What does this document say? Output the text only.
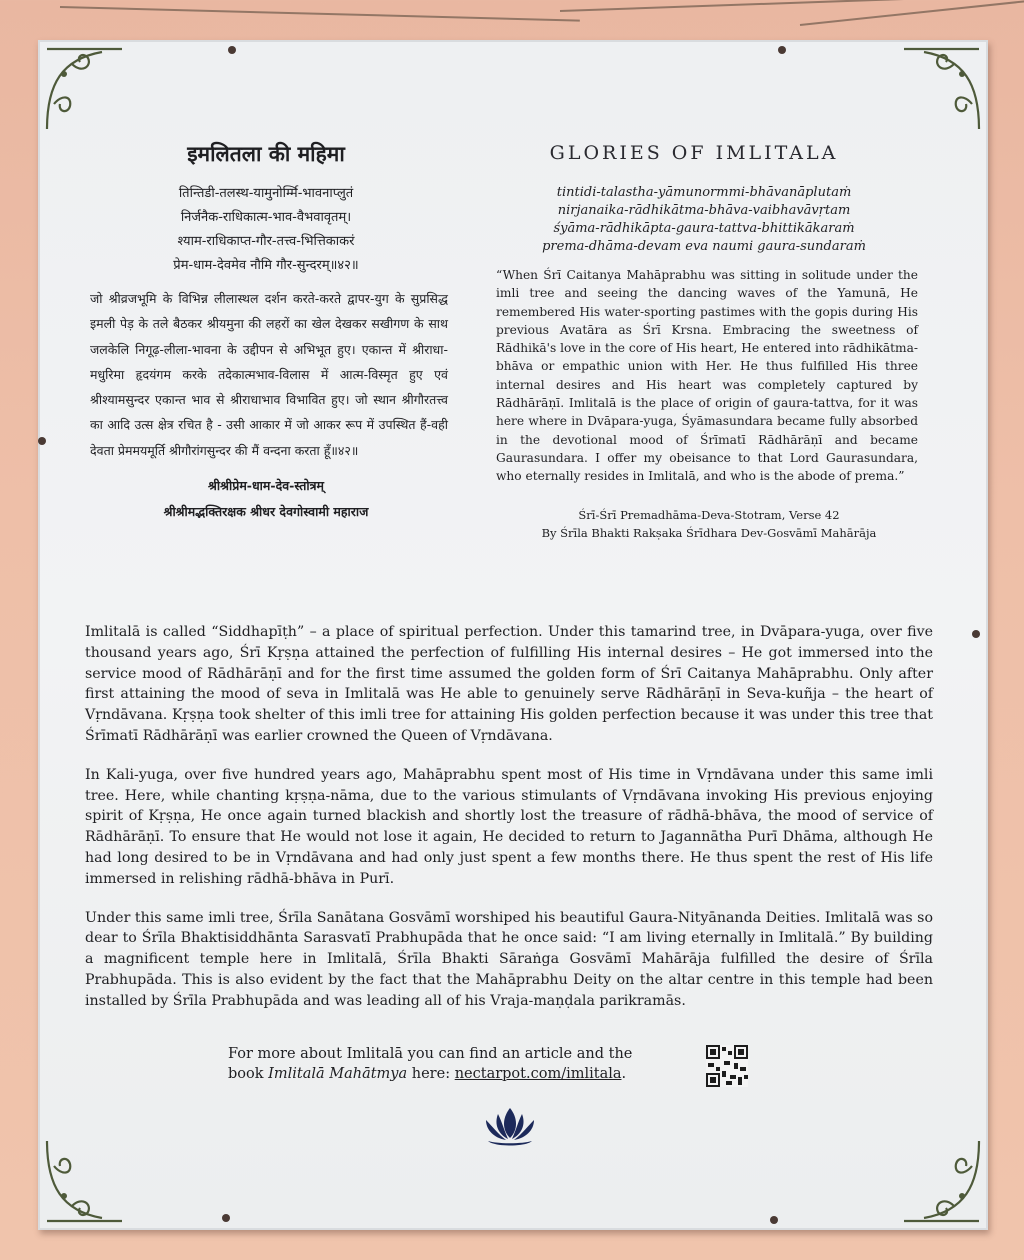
इमलितला की महिमा
तिन्तिडी-तलस्थ-यामुनोर्म्मि-भावनाप्लुतं
निर्जनैक-राधिकात्म-भाव-वैभवावृतम्।
श्याम-राधिकाप्त-गौर-तत्त्व-भित्तिकाकरं
प्रेम-धाम-देवमेव नौमि गौर-सुन्दरम्॥४२॥
जो श्रीव्रजभूमि के विभिन्न लीलास्थल दर्शन करते-करते द्वापर-युग के सुप्रसिद्ध इमली पेड़ के तले बैठकर श्रीयमुना की लहरों का खेल देखकर सखीगण के साथ जलकेलि निगूढ़-लीला-भावना के उद्दीपन से अभिभूत हुए। एकान्त में श्रीराधा-मधुरिमा हृदयंगम करके तदेकात्मभाव-विलास में आत्म-विस्मृत हुए एवं श्रीश्यामसुन्दर एकान्त भाव से श्रीराधाभाव विभावित हुए। जो स्थान श्रीगौरतत्त्व का आदि उत्स क्षेत्र रचित है - उसी आकार में जो आकर रूप में उपस्थित हैं-वही देवता प्रेममयमूर्ति श्रीगौरांगसुन्दर की मैं वन्दना करता हूँ॥४२॥
श्रीश्रीप्रेम-धाम-देव-स्तोत्रम्
श्रीश्रीमद्भक्तिरक्षक श्रीधर देवगोस्वामी महाराज
GLORIES OF IMLITALA
tintidi-talastha-yāmunormmi-bhāvanāplutaṁ
nirjanaika-rādhikātma-bhāva-vaibhavāvṛtam
śyāma-rādhikāpta-gaura-tattva-bhittikākaraṁ
prema-dhāma-devam eva naumi gaura-sundaraṁ
“When Śrī Caitanya Mahāprabhu was sitting in solitude under the imli tree and seeing the dancing waves of the Yamunā, He remembered His water-sporting pastimes with the gopis during His previous Avatāra as Śrī Krsna. Embracing the sweetness of Rādhikā's love in the core of His heart, He entered into rādhikātma-bhāva or empathic union with Her. He thus fulfilled His three internal desires and His heart was completely captured by Rādhārāṇī. Imlitalā is the place of origin of gaura-tattva, for it was here where in Dvāpara-yuga, Śyāmasundara became fully absorbed in the devotional mood of Śrīmatī Rādhārāṇī and became Gaurasundara. I offer my obeisance to that Lord Gaurasundara, who eternally resides in Imlitalā, and who is the abode of prema.”
Śrī-Śrī Premadhāma-Deva-Stotram, Verse 42
By Śrīla Bhakti Rakṣaka Śrīdhara Dev-Gosvāmī Mahārāja

Imlitalā is called “Siddhapīṭh” – a place of spiritual perfection. Under this tamarind tree, in Dvāpara-yuga, over five thousand years ago, Śrī Kṛṣṇa attained the perfection of fulfilling His internal desires – He got immersed into the service mood of Rādhārāṇī and for the first time assumed the golden form of Śrī Caitanya Mahāprabhu. Only after first attaining the mood of seva in Imlitalā was He able to genuinely serve Rādhārāṇī in Seva-kuñja – the heart of Vṛndāvana. Kṛṣṇa took shelter of this imli tree for attaining His golden perfection because it was under this tree that Śrīmatī Rādhārāṇī was earlier crowned the Queen of Vṛndāvana.

In Kali-yuga, over five hundred years ago, Mahāprabhu spent most of His time in Vṛndāvana under this same imli tree. Here, while chanting kṛṣṇa-nāma, due to the various stimulants of Vṛndāvana invoking His previous enjoying spirit of Kṛṣṇa, He once again turned blackish and shortly lost the treasure of rādhā-bhāva, the mood of service of Rādhārāṇī. To ensure that He would not lose it again, He decided to return to Jagannātha Purī Dhāma, although He had long desired to be in Vṛndāvana and had only just spent a few months there. He thus spent the rest of His life immersed in relishing rādhā-bhāva in Purī.

Under this same imli tree, Śrīla Sanātana Gosvāmī worshiped his beautiful Gaura-Nityānanda Deities. Imlitalā was so dear to Śrīla Bhaktisiddhānta Sarasvatī Prabhupāda that he once said: “I am living eternally in Imlitalā.” By building a magnificent temple here in Imlitalā, Śrīla Bhakti Sāraṅga Gosvāmī Mahārāja fulfilled the desire of Śrīla Prabhupāda. This is also evident by the fact that the Mahāprabhu Deity on the altar centre in this temple had been installed by Śrīla Prabhupāda and was leading all of his Vraja-maṇḍala parikramās.

For more about Imlitalā you can find an article and the
book Imlitalā Mahātmya here: nectarpot.com/imlitala.
